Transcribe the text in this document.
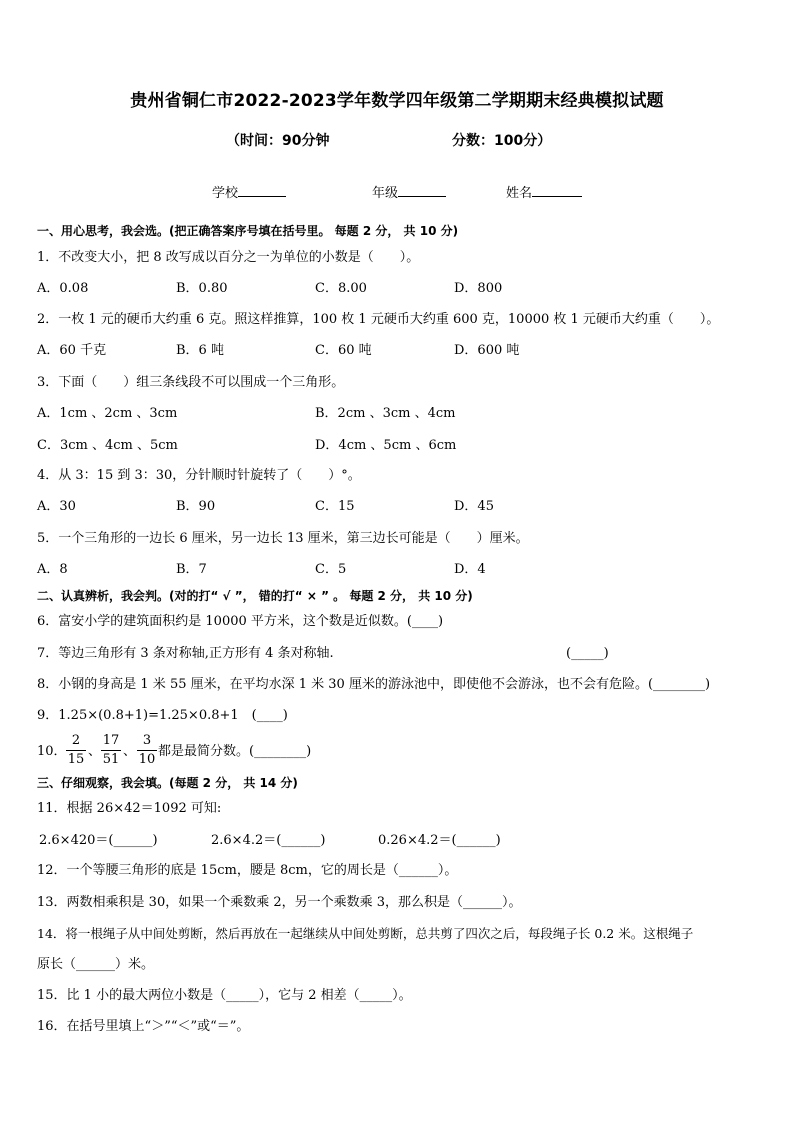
贵州省铜仁市2022-2023学年数学四年级第二学期期末经典模拟试题
（时间：90分钟	分数：100分）
学校	年级	姓名
一、用心思考，我会选。(把正确答案序号填在括号里。 每题 2 分， 共 10 分)
1．不改变大小，把 8 改写成以百分之一为单位的小数是（　　）。
A．0.08	B．0.80	C．8.00	D．800
2．一枚 1 元的硬币大约重 6 克。照这样推算，100 枚 1 元硬币大约重 600 克，10000 枚 1 元硬币大约重（　　）。
A．60 千克	B．6 吨	C．60 吨	D．600 吨
3．下面（　　）组三条线段不可以围成一个三角形。
A．1cm 、2cm 、3cm	B．2cm 、3cm 、4cm
C．3cm 、4cm 、5cm	D．4cm 、5cm 、6cm
4．从 3：15 到 3：30，分针顺时针旋转了（　　）°。
A．30	B．90	C．15	D．45
5．一个三角形的一边长 6 厘米，另一边长 13 厘米，第三边长可能是（　　）厘米。
A．8	B．7	C．5	D．4
二、认真辨析，我会判。(对的打“ √ ”， 错的打“ × ” 。 每题 2 分， 共 10 分)
6．富安小学的建筑面积约是 10000 平方米，这个数是近似数。(____)
7．等边三角形有 3 条对称轴,正方形有 4 条对称轴.	(_____)
8．小钢的身高是 1 米 55 厘米，在平均水深 1 米 30 厘米的游泳池中，即使他不会游泳，也不会有危险。(________)
9．1.25×(0.8+1)=1.25×0.8+1　(____)
10．
2
15
、
17
51
、
3
10
都是最简分数。(________)
三、仔细观察，我会填。(每题 2 分， 共 14 分)
11．根据 26×42＝1092 可知:
2.6×420＝(______)	2.6×4.2＝(______)	0.26×4.2＝(______)
12．一个等腰三角形的底是 15cm，腰是 8cm，它的周长是（______）。
13．两数相乘积是 30，如果一个乘数乘 2，另一个乘数乘 3，那么积是（______）。
14．将一根绳子从中间处剪断，然后再放在一起继续从中间处剪断，总共剪了四次之后，每段绳子长 0.2 米。这根绳子
原长（______）米。
15．比 1 小的最大两位小数是（_____），它与 2 相差（_____）。
16．在括号里填上“＞”“＜”或“＝”。
